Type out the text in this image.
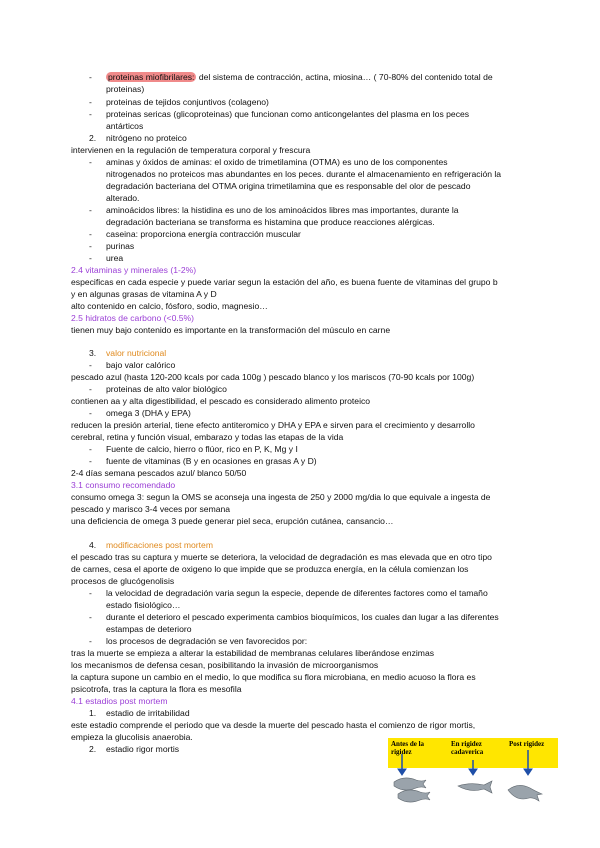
- proteinas miofibrilares: del sistema de contracción, actina, miosina… ( 70-80% del contenido total de
proteinas)
- proteinas de tejidos conjuntivos (colageno)
- proteinas sericas (glicoproteinas) que funcionan como anticongelantes del plasma en los peces
antárticos
2. nitrógeno no proteico
intervienen en la regulación de temperatura corporal y frescura
- aminas y óxidos de aminas: el oxido de trimetilamina (OTMA) es uno de los componentes
nitrogenados no proteicos mas abundantes en los peces. durante el almacenamiento en refrigeración la
degradación bacteriana del OTMA origina trimetilamina que es responsable del olor de pescado
alterado.
- aminoácidos libres: la histidina es uno de los aminoácidos libres mas importantes, durante la
degradación bacteriana se transforma es histamina que produce reacciones alérgicas.
- caseina: proporciona energía contracción muscular
- purinas
- urea
2.4 vitaminas y minerales (1-2%)
especificas en cada especie y puede variar segun la estación del año, es buena fuente de vitaminas del grupo b
y en algunas grasas de vitamina A y D
alto contenido en calcio, fósforo, sodio, magnesio…
2.5 hidratos de carbono (<0.5%)
tienen muy bajo contenido es importante en la transformación del músculo en carne
3. valor nutricional
- bajo valor calórico
pescado azul (hasta 120-200 kcals por cada 100g ) pescado blanco y los mariscos (70-90 kcals por 100g)
- proteinas de alto valor biológico
contienen aa y alta digestibilidad, el pescado es considerado alimento proteico
- omega 3 (DHA y EPA)
reducen la presión arterial, tiene efecto antiteromico y DHA y EPA e sirven para el crecimiento y desarrollo
cerebral, retina y función visual, embarazo y todas las etapas de la vida
- Fuente de calcio, hierro o flúor, rico en P, K, Mg y I
- fuente de vitaminas (B y en ocasiones en grasas A y D)
2-4 días semana pescados azul/ blanco 50/50
3.1 consumo recomendado
consumo omega 3: segun la OMS se aconseja una ingesta de 250 y 2000 mg/dia lo que equivale a ingesta de
pescado y marisco 3-4 veces por semana
una deficiencia de omega 3 puede generar piel seca, erupción cutánea, cansancio…
4. modificaciones post mortem
el pescado tras su captura y muerte se deteriora, la velocidad de degradación es mas elevada que en otro tipo
de carnes, cesa el aporte de oxigeno lo que impide que se produzca energía, en la célula comienzan los
procesos de glucógenolisis
- la velocidad de degradación varia segun la especie, depende de diferentes factores como el tamaño
estado fisiológico…
- durante el deterioro el pescado experimenta cambios bioquímicos, los cuales dan lugar a las diferentes
estampas de deterioro
- los procesos de degradación se ven favorecidos por:
tras la muerte se empieza a alterar la estabilidad de membranas celulares liberándose enzimas
los mecanismos de defensa cesan, posibilitando la invasión de microorganismos
la captura supone un cambio en el medio, lo que modifica su flora microbiana, en medio acuoso la flora es
psicotrofa, tras la captura la flora es mesofila
4.1 estadios post mortem
1. estadio de irritabilidad
este estadio comprende el periodo que va desde la muerte del pescado hasta el comienzo de rigor mortis,
empieza la glucolisis anaerobia.
2. estadio rigor mortis	Antes de la
rigidez
En rigidez
cadaverica
Post rigidez
